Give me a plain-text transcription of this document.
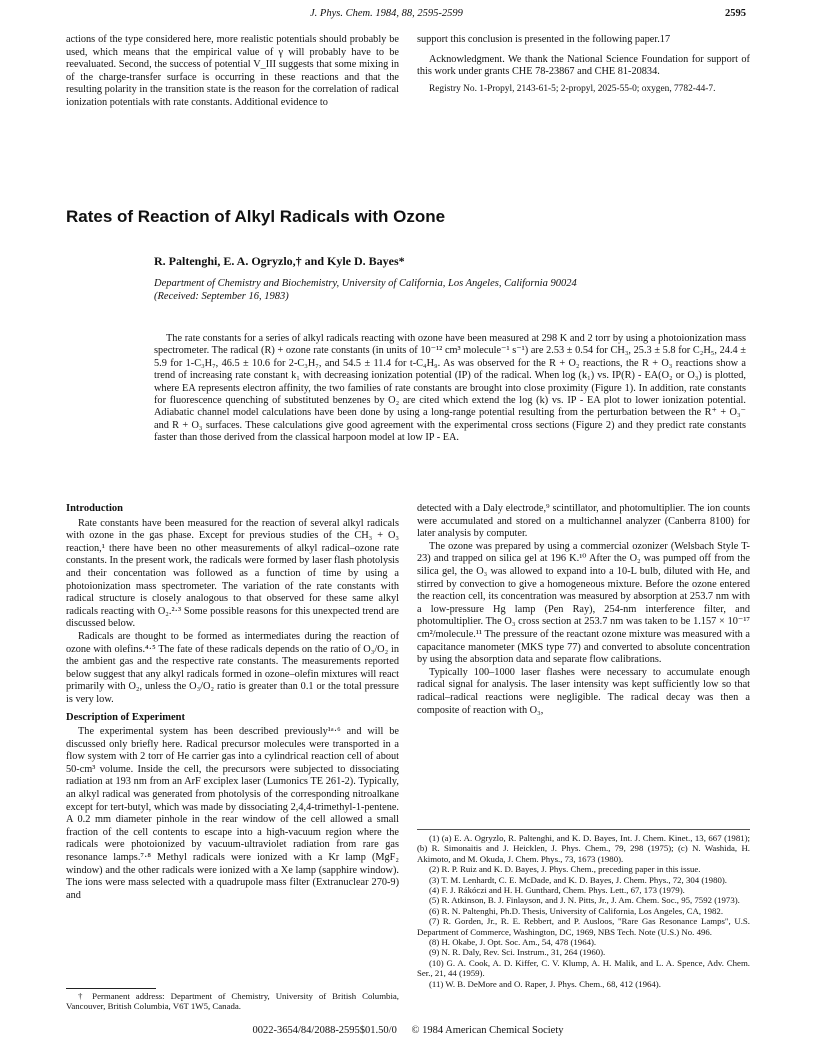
J. Phys. Chem. 1984, 88, 2595-2599	2595

actions of the type considered here, more realistic potentials should probably be used, which means that the empirical value of γ will probably have to be reevaluated. Second, the success of potential V_III suggests that some mixing in of the charge-transfer surface is occurring in these reactions and that the resulting polarity in the transition state is the reason for the correlation of radical ionization potentials with rate constants. Additional evidence to

support this conclusion is presented in the following paper.17

Acknowledgment. We thank the National Science Foundation for support of this work under grants CHE 78-23867 and CHE 81-20834.

Registry No. 1-Propyl, 2143-61-5; 2-propyl, 2025-55-0; oxygen, 7782-44-7.

Rates of Reaction of Alkyl Radicals with Ozone
R. Paltenghi, E. A. Ogryzlo,† and Kyle D. Bayes*
Department of Chemistry and Biochemistry, University of California, Los Angeles, California 90024
(Received: September 16, 1983)

The rate constants for a series of alkyl radicals reacting with ozone have been measured at 298 K and 2 torr by using a photoionization mass spectrometer. The radical (R) + ozone rate constants (in units of 10⁻¹² cm³ molecule⁻¹ s⁻¹) are 2.53 ± 0.54 for CH₃, 25.3 ± 5.8 for C₂H₅, 24.4 ± 5.9 for 1-C₃H₇, 46.5 ± 10.6 for 2-C₃H₇, and 54.5 ± 11.4 for t-C₄H₉. As was observed for the R + O₂ reactions, the R + O₃ reactions show a trend of increasing rate constant k₁ with decreasing ionization potential (IP) of the radical. When log (k₁) vs. IP(R) - EA(O₂ or O₃) is plotted, where EA represents electron affinity, the two families of rate constants are brought into close proximity (Figure 1). In addition, rate constants for fluorescence quenching of substituted benzenes by O₂ are cited which extend the log (k) vs. IP - EA plot to lower ionization potential. Adiabatic channel model calculations have been done by using a long-range potential resulting from the perturbation between the R⁺ + O₃⁻ and R + O₃ surfaces. These calculations give good agreement with the experimental cross sections (Figure 2) and they predict rate constants faster than those derived from the classical harpoon model at low IP - EA.

Introduction

Rate constants have been measured for the reaction of several alkyl radicals with ozone in the gas phase. Except for previous studies of the CH₃ + O₃ reaction,¹ there have been no other measurements of alkyl radical–ozone rate constants. In the present work, the radicals were formed by laser flash photolysis and their concentation was followed as a function of time by using a photoionization mass spectrometer. The variation of the rate constants with radical structure is closely analogous to that observed for these same alkyl radicals reacting with O₂.²·³ Some possible reasons for this unexpected trend are discussed below.

Radicals are thought to be formed as intermediates during the reaction of ozone with olefins.⁴·⁵ The fate of these radicals depends on the ratio of O₃/O₂ in the ambient gas and the respective rate constants. The measurements reported below suggest that any alkyl radicals formed in ozone–olefin mixtures will react primarily with O₂, unless the O₃/O₂ ratio is greater than 0.1 or the total pressure is very low.

Description of Experiment

The experimental system has been described previously¹ᵃ·⁶ and will be discussed only briefly here. Radical precursor molecules were transported in a flow system with 2 torr of He carrier gas into a cylindrical reaction cell of about 50-cm³ volume. Inside the cell, the precursors were subjected to dissociating radiation at 193 nm from an ArF exciplex laser (Lumonics TE 261-2). Typically, an alkyl radical was generated from photolysis of the corresponding nitroalkane except for tert-butyl, which was made by dissociating 2,4,4-trimethyl-1-pentene. A 0.2 mm diameter pinhole in the rear window of the cell allowed a small fraction of the cell contents to escape into a high-vacuum region where the radicals were photoionized by vacuum-ultraviolet radiation from rare gas resonance lamps.⁷·⁸ Methyl radicals were ionized with a Kr lamp (MgF₂ window) and the other radicals were ionized with a Xe lamp (sapphire window). The ions were mass selected with a quadrupole mass filter (Extranuclear 270-9) and

† Permanent address: Department of Chemistry, University of British Columbia, Vancouver, British Columbia, V6T 1W5, Canada.

detected with a Daly electrode,⁹ scintillator, and photomultiplier. The ion counts were accumulated and stored on a multichannel analyzer (Canberra 8100) for later analysis by computer.

The ozone was prepared by using a commercial ozonizer (Welsbach Style T-23) and trapped on silica gel at 196 K.¹⁰ After the O₂ was pumped off from the silica gel, the O₃ was allowed to expand into a 10-L bulb, diluted with He, and stirred by convection to give a homogeneous mixture. Before the ozone entered the reaction cell, its concentration was measured by absorption at 253.7 nm with a low-pressure Hg lamp (Pen Ray), 254-nm interference filter, and photomultiplier. The O₃ cross section at 253.7 nm was taken to be 1.157 × 10⁻¹⁷ cm²/molecule.¹¹ The pressure of the reactant ozone mixture was measured with a capacitance manometer (MKS type 77) and converted to absolute concentration by using the absorption data and separate flow calibrations.

Typically 100–1000 laser flashes were necessary to accumulate enough radical signal for analysis. The laser intensity was kept sufficiently low so that radical–radical reactions were negligible. The radical decay was then a composite of reaction with O₃,

(1) (a) E. A. Ogryzlo, R. Paltenghi, and K. D. Bayes, Int. J. Chem. Kinet., 13, 667 (1981); (b) R. Simonaitis and J. Heicklen, J. Phys. Chem., 79, 298 (1975); (c) N. Washida, H. Akimoto, and M. Okuda, J. Chem. Phys., 73, 1673 (1980).

(2) R. P. Ruiz and K. D. Bayes, J. Phys. Chem., preceding paper in this issue.

(3) T. M. Lenhardt, C. E. McDade, and K. D. Bayes, J. Chem. Phys., 72, 304 (1980).

(4) F. J. Rákóczi and H. H. Gunthard, Chem. Phys. Lett., 67, 173 (1979).

(5) R. Atkinson, B. J. Finlayson, and J. N. Pitts, Jr., J. Am. Chem. Soc., 95, 7592 (1973).

(6) R. N. Paltenghi, Ph.D. Thesis, University of California, Los Angeles, CA, 1982.

(7) R. Gorden, Jr., R. E. Rebbert, and P. Ausloos, "Rare Gas Resonance Lamps", U.S. Department of Commerce, Washington, DC, 1969, NBS Tech. Note (U.S.) No. 496.

(8) H. Okabe, J. Opt. Soc. Am., 54, 478 (1964).

(9) N. R. Daly, Rev. Sci. Instrum., 31, 264 (1960).

(10) G. A. Cook, A. D. Kiffer, C. V. Klump, A. H. Malik, and L. A. Spence, Adv. Chem. Ser., 21, 44 (1959).

(11) W. B. DeMore and O. Raper, J. Phys. Chem., 68, 412 (1964).

0022-3654/84/2088-2595$01.50/0 © 1984 American Chemical Society
